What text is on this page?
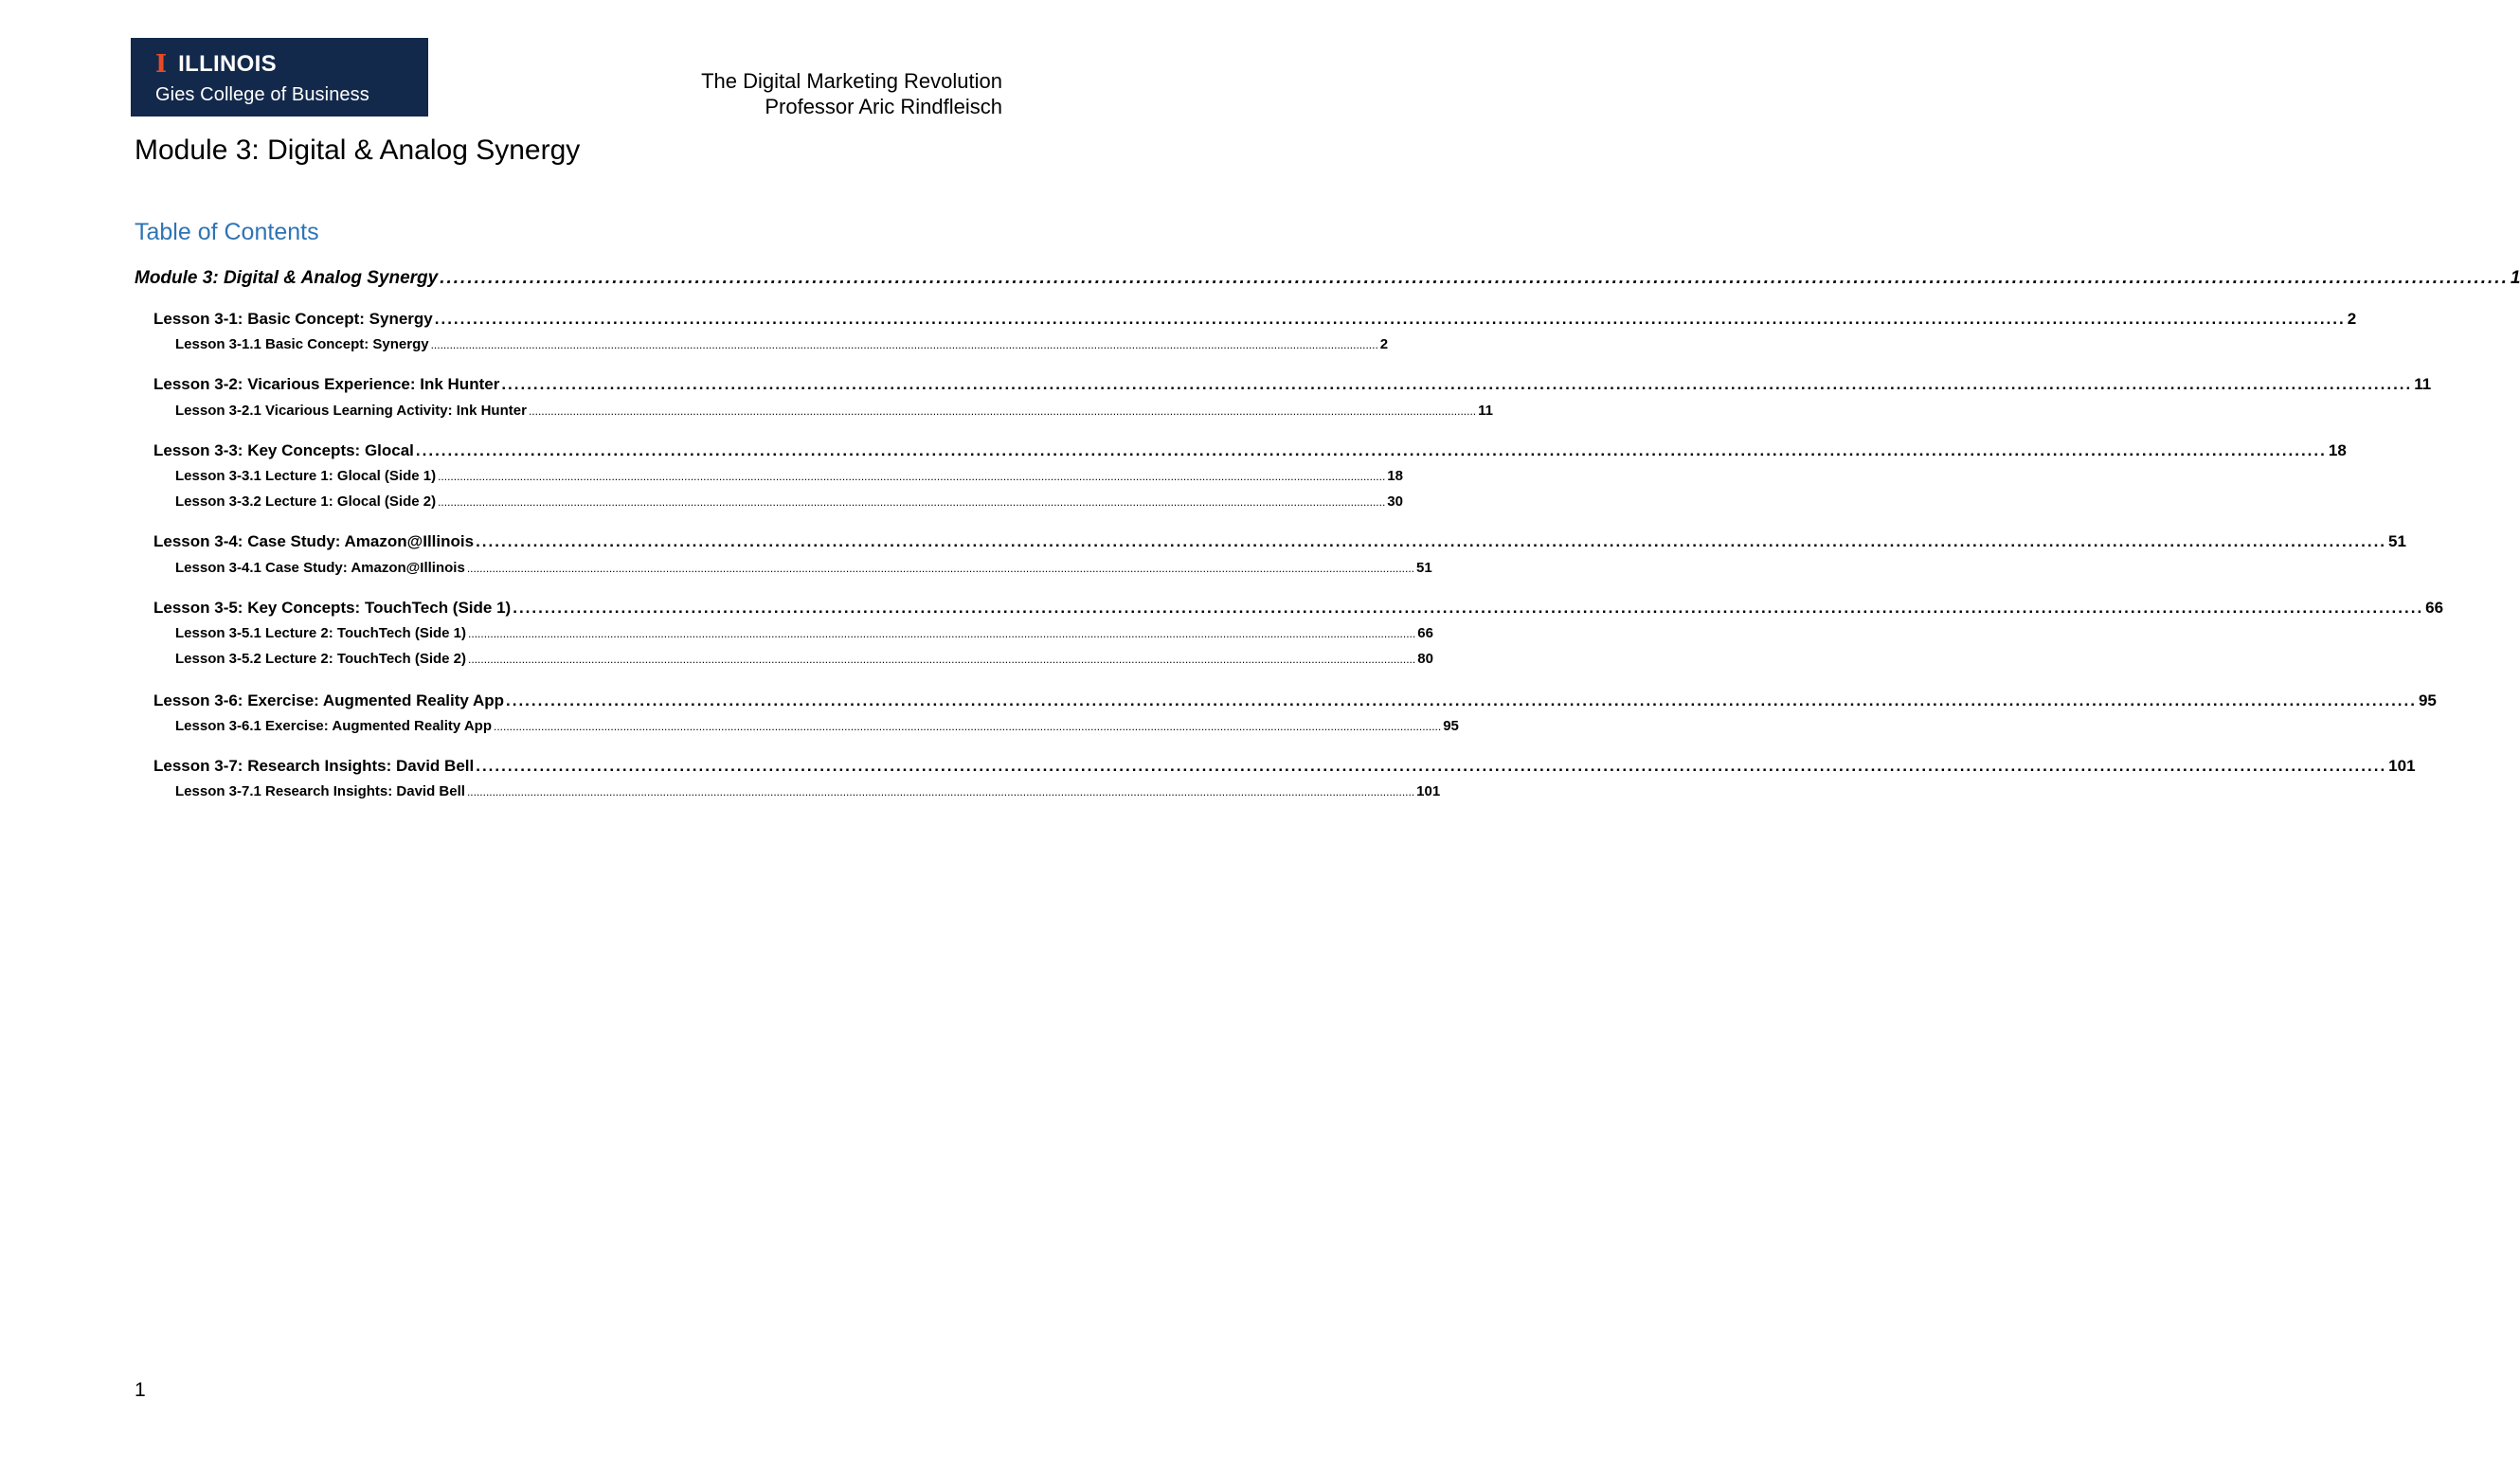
I ILLINOIS
Gies College of Business
The Digital Marketing Revolution
Professor Aric Rindfleisch
Module 3: Digital & Analog Synergy
Table of Contents
Module 3: Digital & Analog Synergy ............................................................................................................................................................................................................................................................................................................ 1
Lesson 3-1: Basic Concept: Synergy ............................................................................................................................................................................................................................................................................................................ 2
Lesson 3-1.1 Basic Concept: Synergy ............................................................................................................................................................................................................................................................................................................ 2
Lesson 3-2: Vicarious Experience: Ink Hunter ............................................................................................................................................................................................................................................................................................................ 11
Lesson 3-2.1 Vicarious Learning Activity: Ink Hunter ............................................................................................................................................................................................................................................................................................................ 11
Lesson 3-3: Key Concepts: Glocal ............................................................................................................................................................................................................................................................................................................ 18
Lesson 3-3.1 Lecture 1: Glocal (Side 1) ............................................................................................................................................................................................................................................................................................................ 18
Lesson 3-3.2 Lecture 1: Glocal (Side 2) ............................................................................................................................................................................................................................................................................................................ 30
Lesson 3-4: Case Study: Amazon@Illinois ............................................................................................................................................................................................................................................................................................................ 51
Lesson 3-4.1 Case Study: Amazon@Illinois ............................................................................................................................................................................................................................................................................................................ 51
Lesson 3-5: Key Concepts: TouchTech (Side 1) ............................................................................................................................................................................................................................................................................................................ 66
Lesson 3-5.1 Lecture 2: TouchTech (Side 1) ............................................................................................................................................................................................................................................................................................................ 66
Lesson 3-5.2 Lecture 2: TouchTech (Side 2) ............................................................................................................................................................................................................................................................................................................ 80
Lesson 3-6: Exercise: Augmented Reality App ............................................................................................................................................................................................................................................................................................................ 95
Lesson 3-6.1 Exercise: Augmented Reality App ............................................................................................................................................................................................................................................................................................................ 95
Lesson 3-7: Research Insights: David Bell ............................................................................................................................................................................................................................................................................................................ 101
Lesson 3-7.1 Research Insights: David Bell ............................................................................................................................................................................................................................................................................................................ 101
1
